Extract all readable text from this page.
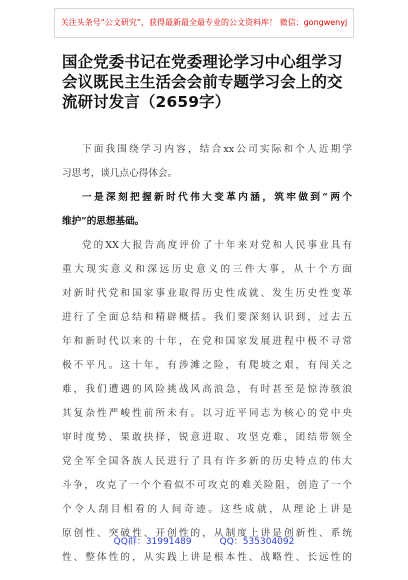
关注头条号“公文研究”，获得最新最全最专业的公文资料库！ 微信：gongwenyj
国企党委书记在党委理论学习中心组学习
会议既民主生活会会前专题学习会上的交
流研讨发言（2659字）

下面我围绕学习内容，结合xx公司实际和个人近期学
习思考，谈几点心得体会。

一是深刻把握新时代伟大变革内涵，筑牢做到“两个
维护”的思想基础。

党的XX大报告高度评价了十年来对党和人民事业具有
重大现实意义和深远历史意义的三件大事，从十个方面
对新时代党和国家事业取得历史性成就、发生历史性变革
进行了全面总结和精辟概括。我们要深刻认识到，过去五
年和新时代以来的十年，在党和国家发展进程中极不寻常
极不平凡。这十年，有涉滩之险，有爬坡之艰，有闯关之
难，我们遭遇的风险挑战风高浪急，有时甚至是惊涛骇浪
其复杂性严峻性前所未有。以习近平同志为核心的党中央
审时度势、果敢抉择，锐意进取、攻坚克难，团结带领全
党全军全国各族人民进行了具有许多新的历史特点的伟大
斗争，攻克了一个个看似不可攻克的难关险阻，创造了一个
个令人刮目相看的人间奇迹。这些成就，从理论上讲是
原创性、突破性、开创性的，从制度上讲是创新性、系统
性、整体性的，从实践上讲是根本性、战略性、长远性的

QQ群：31991489	QQ：535304092
